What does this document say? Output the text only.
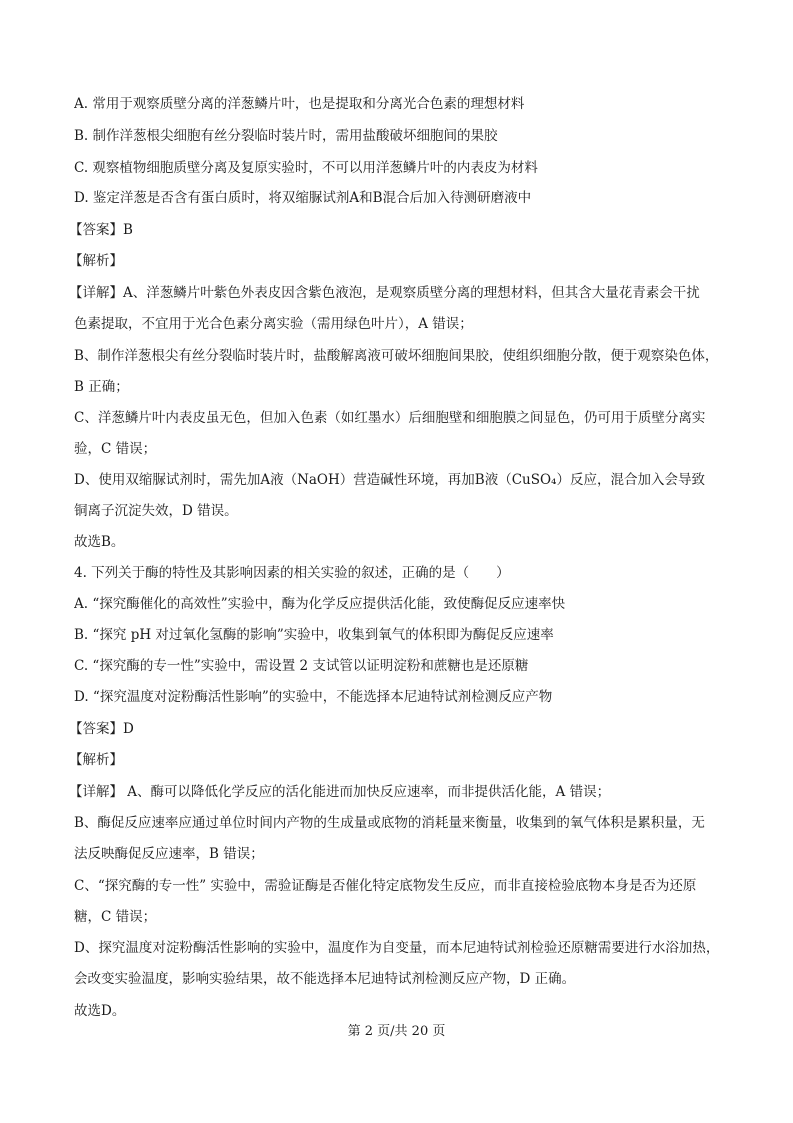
A. 常用于观察质壁分离的洋葱鳞片叶，也是提取和分离光合色素的理想材料
B. 制作洋葱根尖细胞有丝分裂临时装片时，需用盐酸破坏细胞间的果胶
C. 观察植物细胞质壁分离及复原实验时，不可以用洋葱鳞片叶的内表皮为材料
D. 鉴定洋葱是否含有蛋白质时，将双缩脲试剂A和B混合后加入待测研磨液中
【答案】B
【解析】
【详解】A、洋葱鳞片叶紫色外表皮因含紫色液泡，是观察质壁分离的理想材料，但其含大量花青素会干扰
色素提取，不宜用于光合色素分离实验（需用绿色叶片），A 错误；
B、制作洋葱根尖有丝分裂临时装片时，盐酸解离液可破坏细胞间果胶，使组织细胞分散，便于观察染色体，
B 正确；
C、洋葱鳞片叶内表皮虽无色，但加入色素（如红墨水）后细胞壁和细胞膜之间显色，仍可用于质壁分离实
验，C 错误；
D、使用双缩脲试剂时，需先加A液（NaOH）营造碱性环境，再加B液（CuSO₄）反应，混合加入会导致
铜离子沉淀失效，D 错误。
故选B。
4. 下列关于酶的特性及其影响因素的相关实验的叙述，正确的是（　　）
A. “探究酶催化的高效性”实验中，酶为化学反应提供活化能，致使酶促反应速率快
B. “探究 pH 对过氧化氢酶的影响”实验中，收集到氧气的体积即为酶促反应速率
C. “探究酶的专一性”实验中，需设置 2 支试管以证明淀粉和蔗糖也是还原糖
D. “探究温度对淀粉酶活性影响”的实验中，不能选择本尼迪特试剂检测反应产物
【答案】D
【解析】
【详解】 A、酶可以降低化学反应的活化能进而加快反应速率，而非提供活化能，A 错误；
B、酶促反应速率应通过单位时间内产物的生成量或底物的消耗量来衡量，收集到的氧气体积是累积量，无
法反映酶促反应速率，B 错误；
C、“探究酶的专一性” 实验中，需验证酶是否催化特定底物发生反应，而非直接检验底物本身是否为还原
糖，C 错误；
D、探究温度对淀粉酶活性影响的实验中，温度作为自变量，而本尼迪特试剂检验还原糖需要进行水浴加热，
会改变实验温度，影响实验结果，故不能选择本尼迪特试剂检测反应产物，D 正确。
故选D。
第 2 页/共 20 页
